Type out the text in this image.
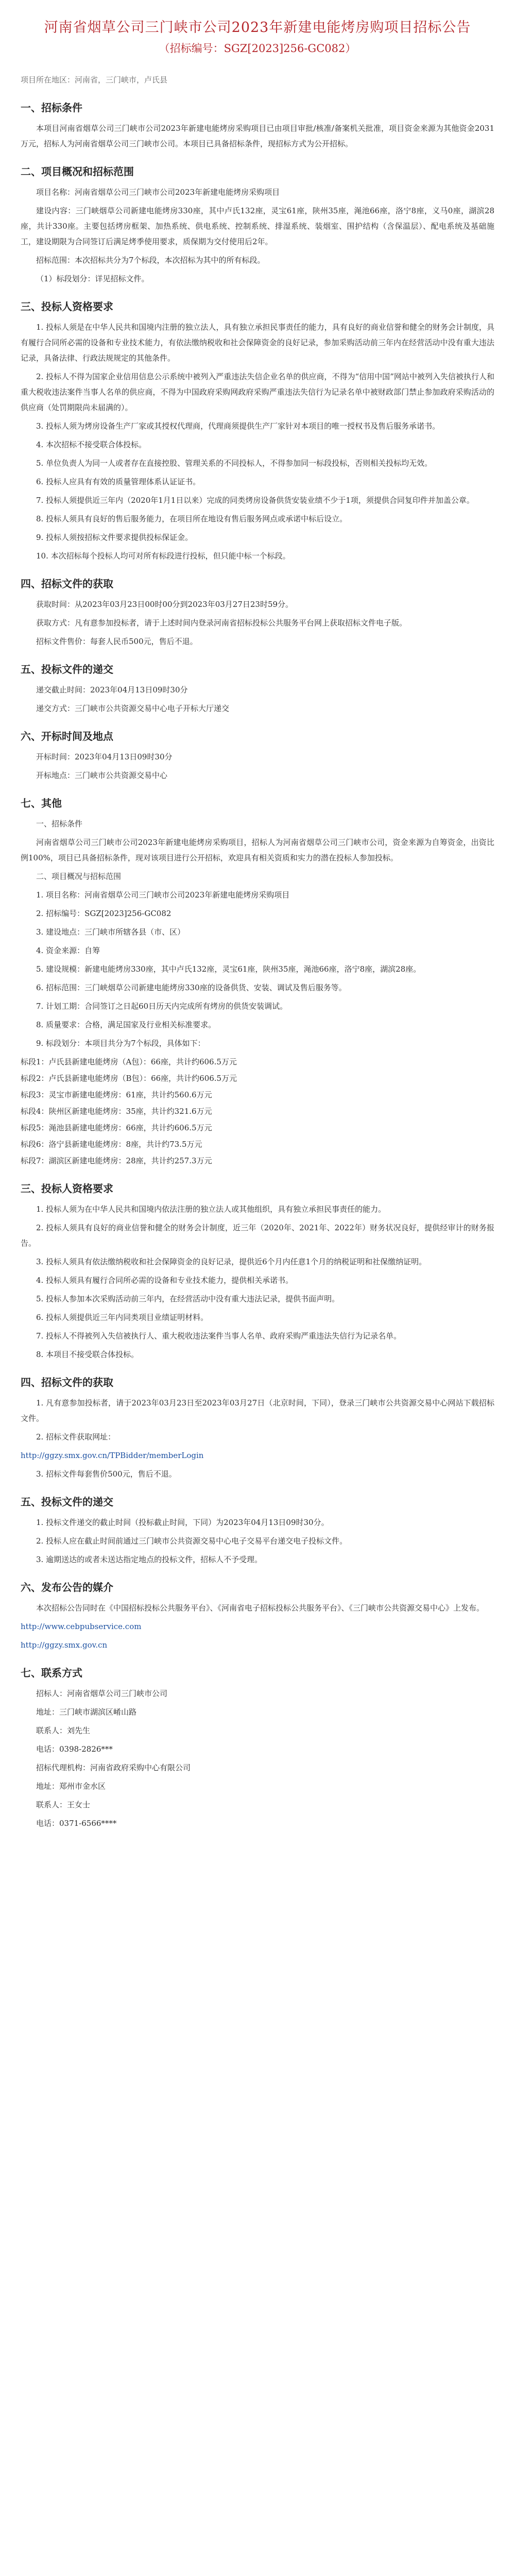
河南省烟草公司三门峡市公司2023年新建电能烤房购项目招标公告
（招标编号：SGZ[2023]256-GC082）
项目所在地区：河南省，三门峡市，卢氏县
一、招标条件
本项目河南省烟草公司三门峡市公司2023年新建电能烤房采购项目已由项目审批/核准/备案机关批准，项目资金来源为其他资金2031万元，招标人为河南省烟草公司三门峡市公司。本项目已具备招标条件，现招标方式为公开招标。
二、项目概况和招标范围
项目名称：河南省烟草公司三门峡市公司2023年新建电能烤房采购项目
建设内容：三门峡烟草公司新建电能烤房330座，其中卢氏132座，灵宝61座，陕州35座，渑池66座，洛宁8座，义马0座，湖滨28座，共计330座。主要包括烤房框架、加热系统、供电系统、控制系统、排湿系统、装烟室、围护结构（含保温层）、配电系统及基础施工，建设期限为合同签订后满足烤季使用要求，质保期为交付使用后2年。
招标范围：本次招标共分为7个标段，本次招标为其中的所有标段。
（1）标段划分：详见招标文件。
三、投标人资格要求
1. 投标人须是在中华人民共和国境内注册的独立法人，具有独立承担民事责任的能力，具有良好的商业信誉和健全的财务会计制度，具有履行合同所必需的设备和专业技术能力，有依法缴纳税收和社会保障资金的良好记录，参加采购活动前三年内在经营活动中没有重大违法记录，具备法律、行政法规规定的其他条件。
2. 投标人不得为国家企业信用信息公示系统中被列入严重违法失信企业名单的供应商，不得为“信用中国”网站中被列入失信被执行人和重大税收违法案件当事人名单的供应商，不得为中国政府采购网政府采购严重违法失信行为记录名单中被财政部门禁止参加政府采购活动的供应商（处罚期限尚未届满的）。
3. 投标人须为烤房设备生产厂家或其授权代理商，代理商须提供生产厂家针对本项目的唯一授权书及售后服务承诺书。
4. 本次招标不接受联合体投标。
5. 单位负责人为同一人或者存在直接控股、管理关系的不同投标人，不得参加同一标段投标，否则相关投标均无效。
6. 投标人应具有有效的质量管理体系认证证书。
7. 投标人须提供近三年内（2020年1月1日以来）完成的同类烤房设备供货安装业绩不少于1项，须提供合同复印件并加盖公章。
8. 投标人须具有良好的售后服务能力，在项目所在地设有售后服务网点或承诺中标后设立。
9. 投标人须按招标文件要求提供投标保证金。
10. 本次招标每个投标人均可对所有标段进行投标，但只能中标一个标段。
四、招标文件的获取
获取时间：从2023年03月23日00时00分到2023年03月27日23时59分。
获取方式：凡有意参加投标者，请于上述时间内登录河南省招标投标公共服务平台网上获取招标文件电子版。
招标文件售价：每套人民币500元，售后不退。
五、投标文件的递交
递交截止时间：2023年04月13日09时30分
递交方式：三门峡市公共资源交易中心电子开标大厅递交
六、开标时间及地点
开标时间：2023年04月13日09时30分
开标地点：三门峡市公共资源交易中心
七、其他
一、招标条件
河南省烟草公司三门峡市公司2023年新建电能烤房采购项目，招标人为河南省烟草公司三门峡市公司，资金来源为自筹资金，出资比例100%，项目已具备招标条件，现对该项目进行公开招标，欢迎具有相关资质和实力的潜在投标人参加投标。
二、项目概况与招标范围
1. 项目名称：河南省烟草公司三门峡市公司2023年新建电能烤房采购项目
2. 招标编号：SGZ[2023]256-GC082
3. 建设地点：三门峡市所辖各县（市、区）
4. 资金来源：自筹
5. 建设规模：新建电能烤房330座，其中卢氏132座，灵宝61座，陕州35座，渑池66座，洛宁8座，湖滨28座。
6. 招标范围：三门峡烟草公司新建电能烤房330座的设备供货、安装、调试及售后服务等。
7. 计划工期：合同签订之日起60日历天内完成所有烤房的供货安装调试。
8. 质量要求：合格，满足国家及行业相关标准要求。
9. 标段划分：本项目共分为7个标段，具体如下：
标段1：卢氏县新建电能烤房（A包）：66座，共计约606.5万元
标段2：卢氏县新建电能烤房（B包）：66座，共计约606.5万元
标段3：灵宝市新建电能烤房：61座，共计约560.6万元
标段4：陕州区新建电能烤房：35座，共计约321.6万元
标段5：渑池县新建电能烤房：66座，共计约606.5万元
标段6：洛宁县新建电能烤房：8座，共计约73.5万元
标段7：湖滨区新建电能烤房：28座，共计约257.3万元
三、投标人资格要求
1. 投标人须为在中华人民共和国境内依法注册的独立法人或其他组织，具有独立承担民事责任的能力。
2. 投标人须具有良好的商业信誉和健全的财务会计制度，近三年（2020年、2021年、2022年）财务状况良好，提供经审计的财务报告。
3. 投标人须具有依法缴纳税收和社会保障资金的良好记录，提供近6个月内任意1个月的纳税证明和社保缴纳证明。
4. 投标人须具有履行合同所必需的设备和专业技术能力，提供相关承诺书。
5. 投标人参加本次采购活动前三年内，在经营活动中没有重大违法记录，提供书面声明。
6. 投标人须提供近三年内同类项目业绩证明材料。
7. 投标人不得被列入失信被执行人、重大税收违法案件当事人名单、政府采购严重违法失信行为记录名单。
8. 本项目不接受联合体投标。
四、招标文件的获取
1. 凡有意参加投标者，请于2023年03月23日至2023年03月27日（北京时间，下同），登录三门峡市公共资源交易中心网站下载招标文件。
2. 招标文件获取网址：
http://ggzy.smx.gov.cn/TPBidder/memberLogin
3. 招标文件每套售价500元，售后不退。
五、投标文件的递交
1. 投标文件递交的截止时间（投标截止时间，下同）为2023年04月13日09时30分。
2. 投标人应在截止时间前通过三门峡市公共资源交易中心电子交易平台递交电子投标文件。
3. 逾期送达的或者未送达指定地点的投标文件，招标人不予受理。
六、发布公告的媒介
本次招标公告同时在《中国招标投标公共服务平台》、《河南省电子招标投标公共服务平台》、《三门峡市公共资源交易中心》上发布。
http://www.cebpubservice.com
http://ggzy.smx.gov.cn
七、联系方式
招标人：河南省烟草公司三门峡市公司
地址：三门峡市湖滨区崤山路
联系人：刘先生
电话：0398-2826***
招标代理机构：河南省政府采购中心有限公司
地址：郑州市金水区
联系人：王女士
电话：0371-6566****
